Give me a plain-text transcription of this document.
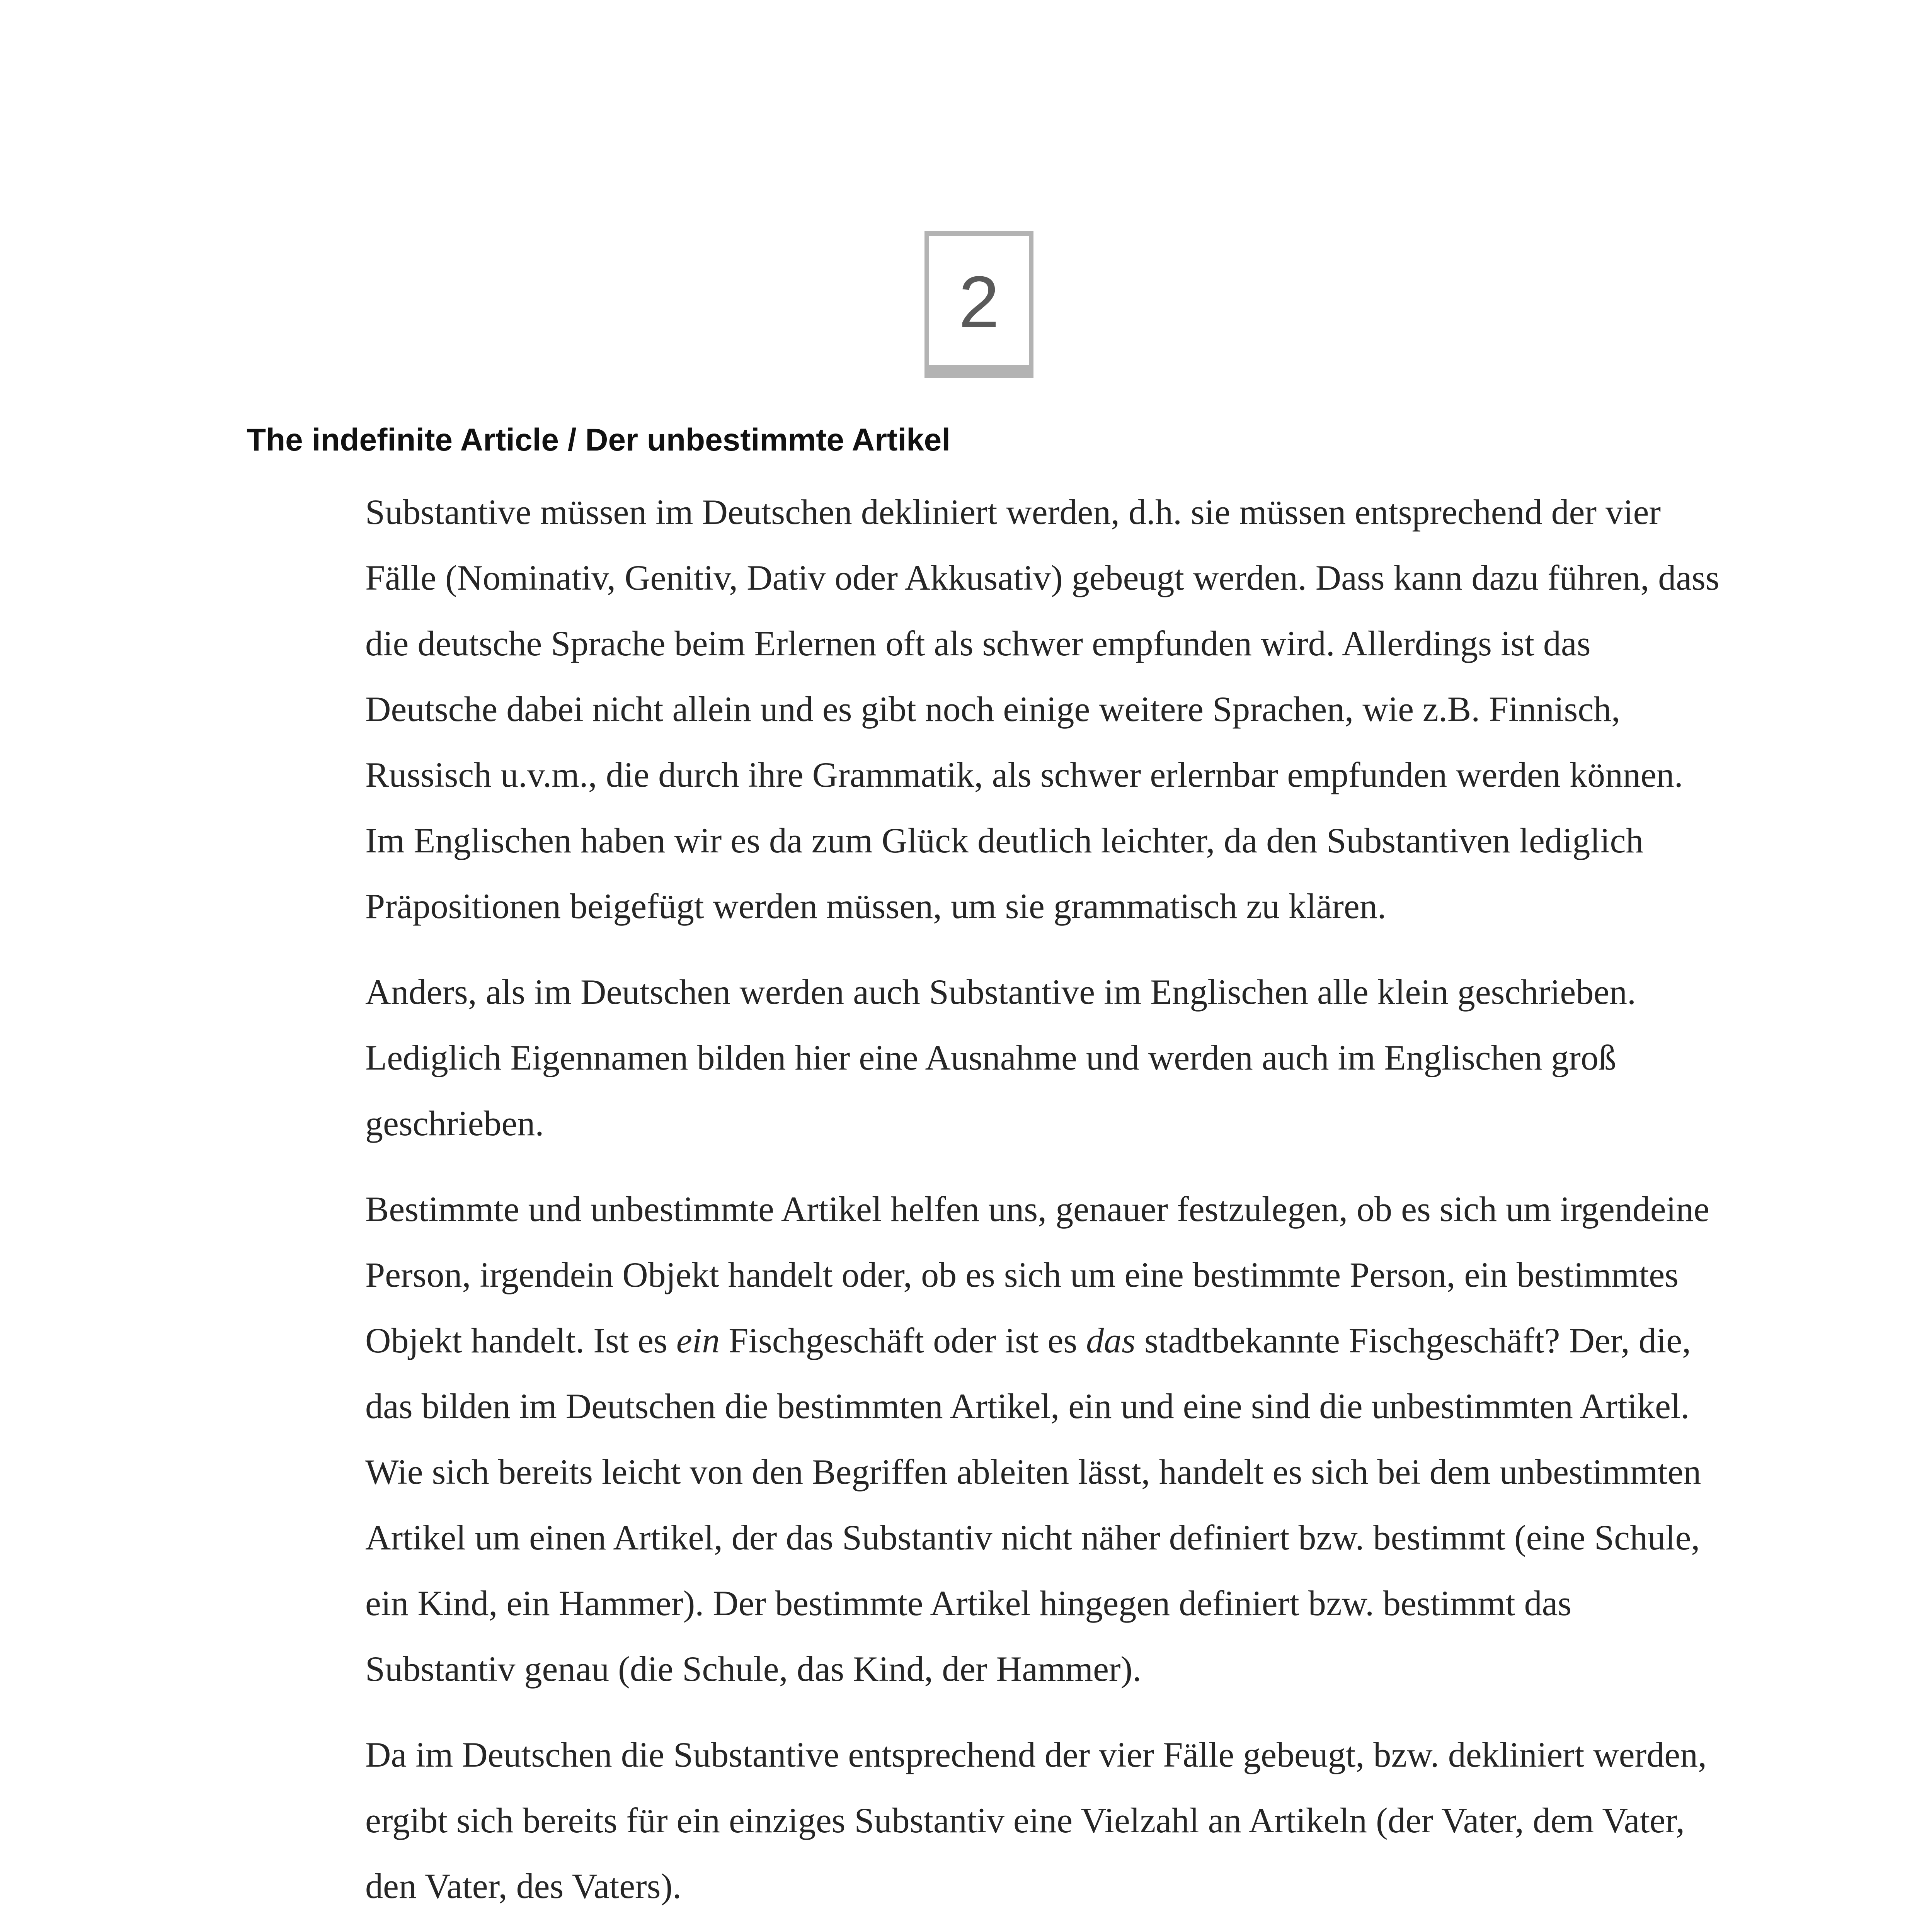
2
The indefinite Article / Der unbestimmte Artikel

Substantive müssen im Deutschen dekliniert werden, d.h. sie müssen entsprechend der vier Fälle (Nominativ, Genitiv, Dativ oder Akkusativ) gebeugt werden. Dass kann dazu führen, dass die deutsche Sprache beim Erlernen oft als schwer empfunden wird. Allerdings ist das Deutsche dabei nicht allein und es gibt noch einige weitere Sprachen, wie z.B. Finnisch, Russisch u.v.m., die durch ihre Grammatik, als schwer erlernbar empfunden werden können. Im Englischen haben wir es da zum Glück deutlich leichter, da den Substantiven lediglich Präpositionen beigefügt werden müssen, um sie grammatisch zu klären.

Anders, als im Deutschen werden auch Substantive im Englischen alle klein geschrieben. Lediglich Eigennamen bilden hier eine Ausnahme und werden auch im Englischen groß geschrieben.

Bestimmte und unbestimmte Artikel helfen uns, genauer festzulegen, ob es sich um irgendeine Person, irgendein Objekt handelt oder, ob es sich um eine bestimmte Person, ein bestimmtes Objekt handelt. Ist es ein Fischgeschäft oder ist es das stadtbekannte Fischgeschäft? Der, die, das bilden im Deutschen die bestimmten Artikel, ein und eine sind die unbestimmten Artikel. Wie sich bereits leicht von den Begriffen ableiten lässt, handelt es sich bei dem unbestimmten Artikel um einen Artikel, der das Substantiv nicht näher definiert bzw. bestimmt (eine Schule, ein Kind, ein Hammer). Der bestimmte Artikel hingegen definiert bzw. bestimmt das Substantiv genau (die Schule, das Kind, der Hammer).

Da im Deutschen die Substantive entsprechend der vier Fälle gebeugt, bzw. dekliniert werden, ergibt sich bereits für ein einziges Substantiv eine Vielzahl an Artikeln (der Vater, dem Vater, den Vater, des Vaters).
